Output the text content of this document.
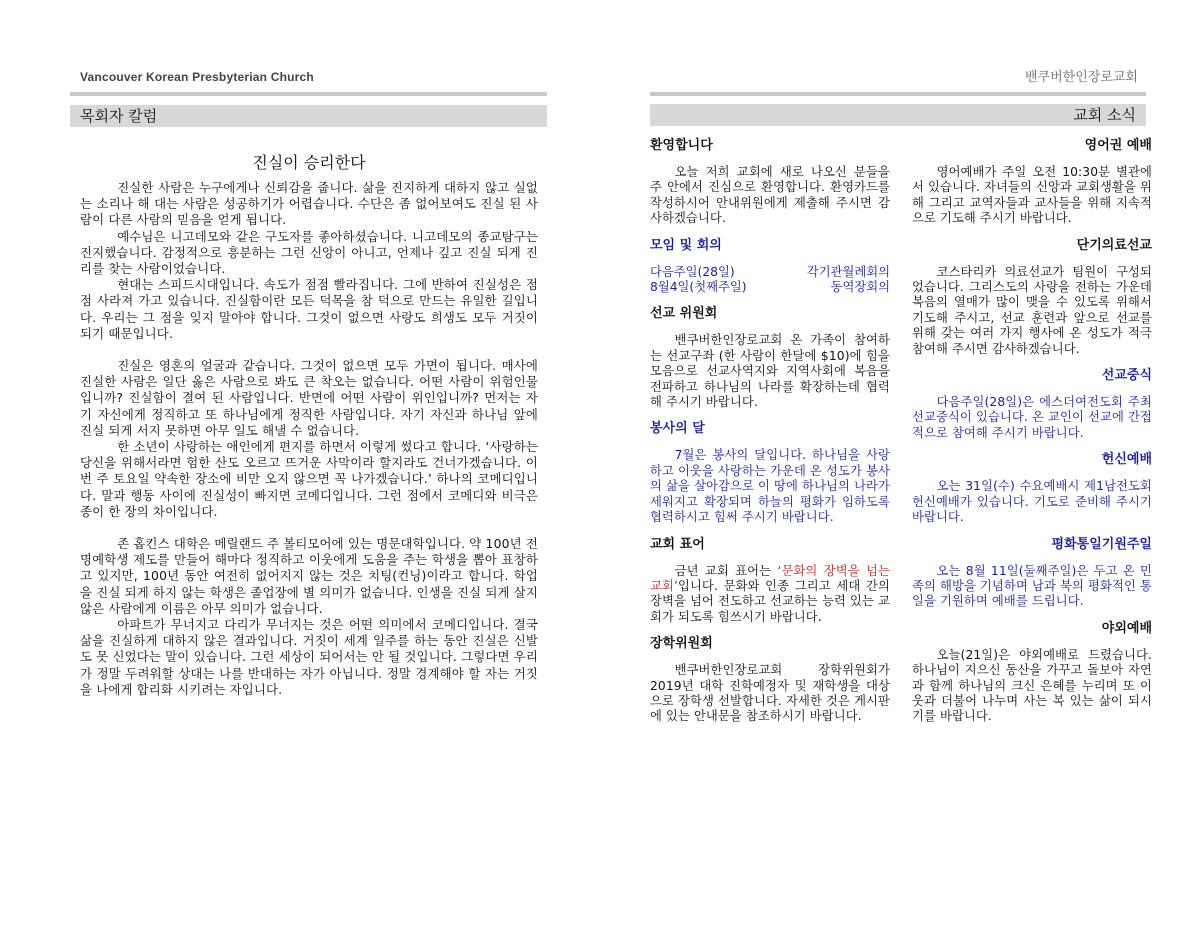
Vancouver Korean Presbyterian Church
목회자 칼럼
진실이 승리한다

진실한 사람은 누구에게나 신뢰감을 줍니다. 삶을 진지하게 대하지 않고 실없는 소리나 해 대는 사람은 성공하기가 어렵습니다. 수단은 좀 없어보여도 진실 된 사람이 다른 사람의 믿음을 얻게 됩니다.

예수님은 니고데모와 같은 구도자를 좋아하셨습니다. 니고데모의 종교탐구는 진지했습니다. 감정적으로 흥분하는 그런 신앙이 아니고, 언제나 깊고 진실 되게 진리를 찾는 사람이었습니다.

현대는 스피드시대입니다. 속도가 점점 빨라집니다. 그에 반하여 진실성은 점점 사라져 가고 있습니다. 진실함이란 모든 덕목을 참 덕으로 만드는 유일한 길입니다. 우리는 그 점을 잊지 말아야 합니다. 그것이 없으면 사랑도 희생도 모두 거짓이 되기 때문입니다.

진실은 영혼의 얼굴과 같습니다. 그것이 없으면 모두 가면이 됩니다. 매사에 진실한 사람은 일단 옳은 사람으로 봐도 큰 착오는 없습니다. 어떤 사람이 위험인물입니까? 진실함이 결여 된 사람입니다. 반면에 어떤 사람이 위인입니까? 먼저는 자기 자신에게 정직하고 또 하나님에게 정직한 사람입니다. 자기 자신과 하나님 앞에 진실 되게 서지 못하면 아무 일도 해낼 수 없습니다.

한 소년이 사랑하는 애인에게 편지를 하면서 이렇게 썼다고 합니다. ‘사랑하는 당신을 위해서라면 험한 산도 오르고 뜨거운 사막이라 할지라도 건너가겠습니다. 이번 주 토요일 약속한 장소에 비만 오지 않으면 꼭 나가겠습니다.’ 하나의 코메디입니다. 말과 행동 사이에 진실성이 빠지면 코메디입니다. 그런 점에서 코메디와 비극은 종이 한 장의 차이입니다.

존 홉킨스 대학은 메릴랜드 주 볼티모어에 있는 명문대학입니다. 약 100년 전 명예학생 제도를 만들어 해마다 정직하고 이웃에게 도움을 주는 학생을 뽑아 표창하고 있지만, 100년 동안 여전히 없어지지 않는 것은 치팅(컨닝)이라고 합니다. 학업을 진실 되게 하지 않는 학생은 졸업장에 별 의미가 없습니다. 인생을 진실 되게 살지 않은 사람에게 이름은 아무 의미가 없습니다.

아파트가 무너지고 다리가 무너지는 것은 어떤 의미에서 코메디입니다. 결국 삶을 진실하게 대하지 않은 결과입니다. 거짓이 세계 일주를 하는 동안 진실은 신발도 못 신었다는 말이 있습니다. 그런 세상이 되어서는 안 될 것입니다. 그렇다면 우리가 정말 두려워할 상대는 나를 반대하는 자가 아닙니다. 정말 경계해야 할 자는 거짓을 나에게 합리화 시키려는 자입니다.

밴쿠버한인장로교회
교회 소식
환영합니다
오늘 저희 교회에 새로 나오신 분들을 주 안에서 진심으로 환영합니다. 환영카드를 작성하시어 안내위원에게 제출해 주시면 감사하겠습니다.
모임 및 회의
다음주일(28일)	각기관월례회의
8월4일(첫째주일)	동역장회의
선교 위원회
밴쿠버한인장로교회 온 가족이 참여하는 선교구좌 (한 사람이 한달에 $10)에 힘을 모음으로 선교사역지와 지역사회에 복음을 전파하고 하나님의 나라를 확장하는데 협력해 주시기 바랍니다.
봉사의 달
7월은 봉사의 달입니다. 하나님을 사랑하고 이웃을 사랑하는 가운데 온 성도가 봉사의 삶을 살아감으로 이 땅에 하나님의 나라가 세워지고 확장되며 하늘의 평화가 임하도록 협력하시고 힘써 주시기 바랍니다.
교회 표어
금년 교회 표어는 ‘문화의 장벽을 넘는 교회’입니다. 문화와 인종 그리고 세대 간의 장벽을 넘어 전도하고 선교하는 능력 있는 교회가 되도록 힘쓰시기 바랍니다.
장학위원회
밴쿠버한인장로교회 장학위원회가 2019년 대학 진학예정자 및 재학생을 대상으로 장학생 선발합니다. 자세한 것은 게시판에 있는 안내문을 참조하시기 바랍니다.
영어권 예배
영어예배가 주일 오전 10:30분 별관에서 있습니다. 자녀들의 신앙과 교회생활을 위해 그리고 교역자들과 교사들을 위해 지속적으로 기도해 주시기 바랍니다.
단기의료선교
코스타리카 의료선교가 팀원이 구성되었습니다. 그리스도의 사랑을 전하는 가운데 복음의 열매가 많이 맺을 수 있도록 위해서 기도해 주시고, 선교 훈련과 앞으로 선교를 위해 갖는 여러 가지 행사에 온 성도가 적극 참여해 주시면 감사하겠습니다.
선교중식
다음주일(28일)은 에스더여전도회 주최 선교중식이 있습니다. 온 교인이 선교에 간접적으로 참여해 주시기 바랍니다.
헌신예배
오는 31일(수) 수요예배시 제1남전도회 헌신예배가 있습니다. 기도로 준비해 주시기 바랍니다.
평화통일기원주일
오는 8월 11일(둘째주일)은 두고 온 민족의 해방을 기념하며 남과 북의 평화적인 통일을 기원하며 예배를 드립니다.
야외예배
오늘(21일)은 야외예배로 드렸습니다. 하나님이 지으신 동산을 가꾸고 돌보아 자연과 함께 하나님의 크신 은혜를 누리며 또 이웃과 더불어 나누며 사는 복 있는 삶이 되시기를 바랍니다.
